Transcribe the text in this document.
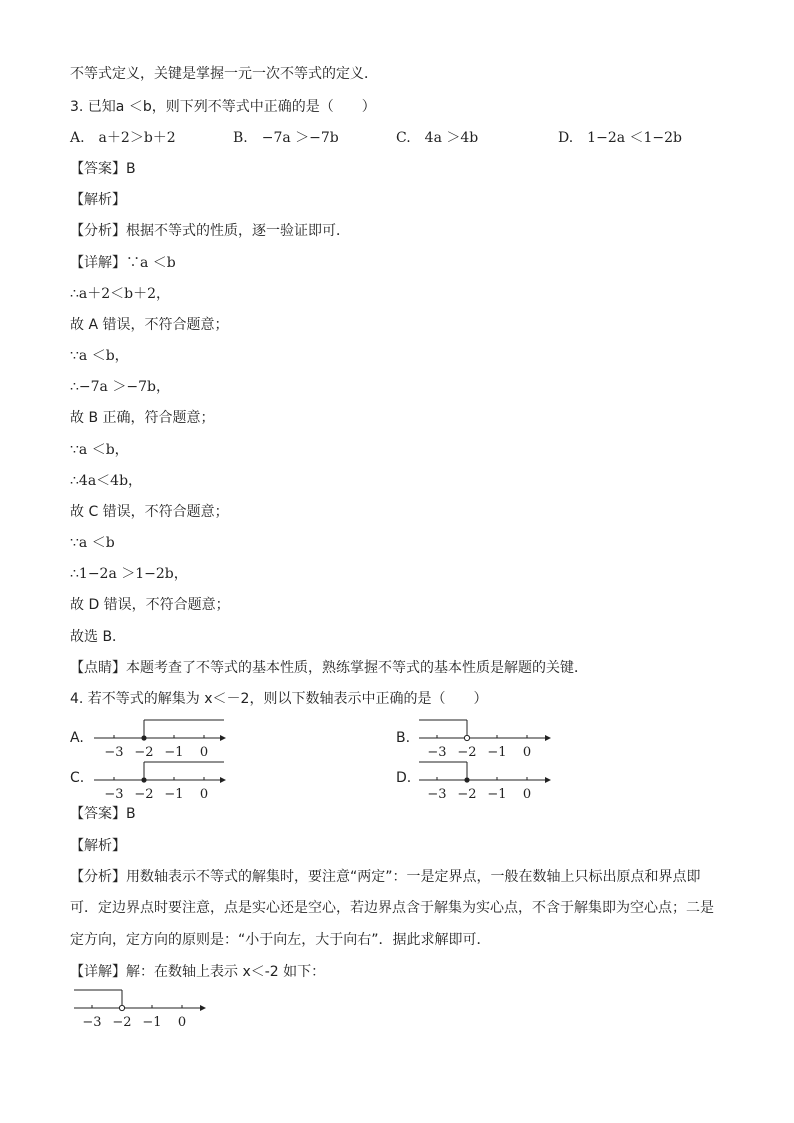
不等式定义，关键是掌握一元一次不等式的定义．
3. 已知a ＜b，则下列不等式中正确的是（　　）
A.　a＋2＞b＋2	B.　−7a ＞−7b	C.　4a ＞4b	D.　1−2a ＜1−2b
【答案】B
【解析】
【分析】根据不等式的性质，逐一验证即可．
【详解】∵a ＜b
∴a＋2＜b＋2，
故 A 错误，不符合题意；
∵a ＜b，
∴−7a ＞−7b，
故 B 正确，符合题意；
∵a ＜b，
∴4a＜4b，
故 C 错误，不符合题意；
∵a ＜b
∴1−2a ＞1−2b，
故 D 错误，不符合题意；
故选 B．
【点睛】本题考查了不等式的基本性质，熟练掌握不等式的基本性质是解题的关键．
4. 若不等式的解集为 x＜－2，则以下数轴表示中正确的是（　　）
A.
−3 −2 −1 0
B.
−3 −2 −1 0
C.
−3 −2 −1 0
D.
−3 −2 −1 0
【答案】B
【解析】
【分析】用数轴表示不等式的解集时，要注意“两定”：一是定界点，一般在数轴上只标出原点和界点即
可．定边界点时要注意，点是实心还是空心，若边界点含于解集为实心点，不含于解集即为空心点；二是
定方向，定方向的原则是：“小于向左，大于向右”．据此求解即可．
【详解】解：在数轴上表示 x＜-2 如下：
−3 −2 −1 0
